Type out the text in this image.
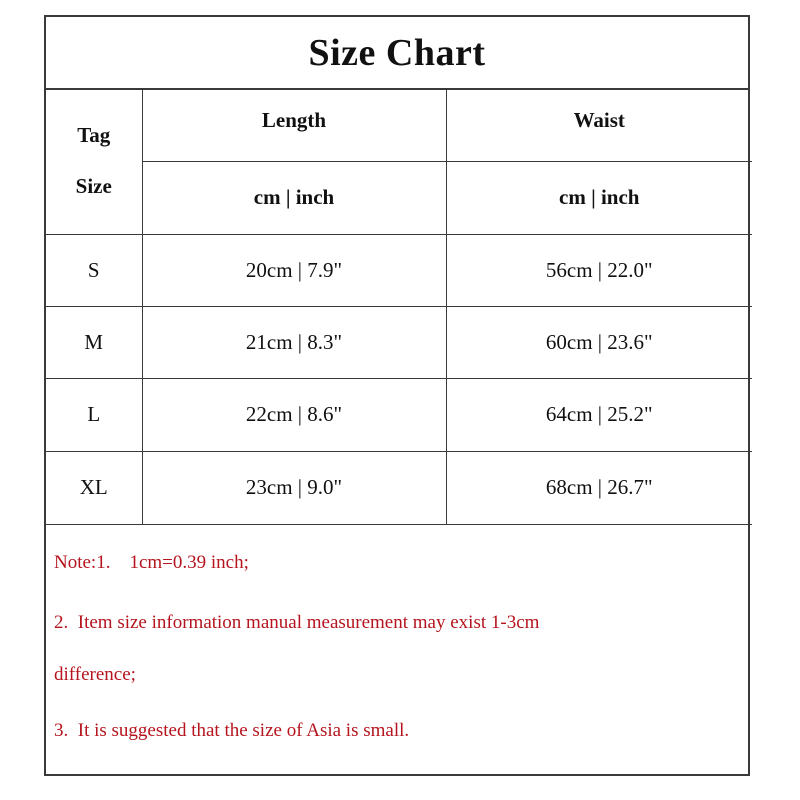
Size Chart
Tag
Size	Length	Waist
	cm | inch	cm | inch
S	20cm | 7.9"	56cm | 22.0"
M	21cm | 8.3"	60cm | 23.6"
L	22cm | 8.6"	64cm | 25.2"
XL	23cm | 9.0"	68cm | 26.7"
Note:1.    1cm=0.39 inch;
2.  Item size information manual measurement may exist 1-3cm
difference;
3.  It is suggested that the size of Asia is small.
